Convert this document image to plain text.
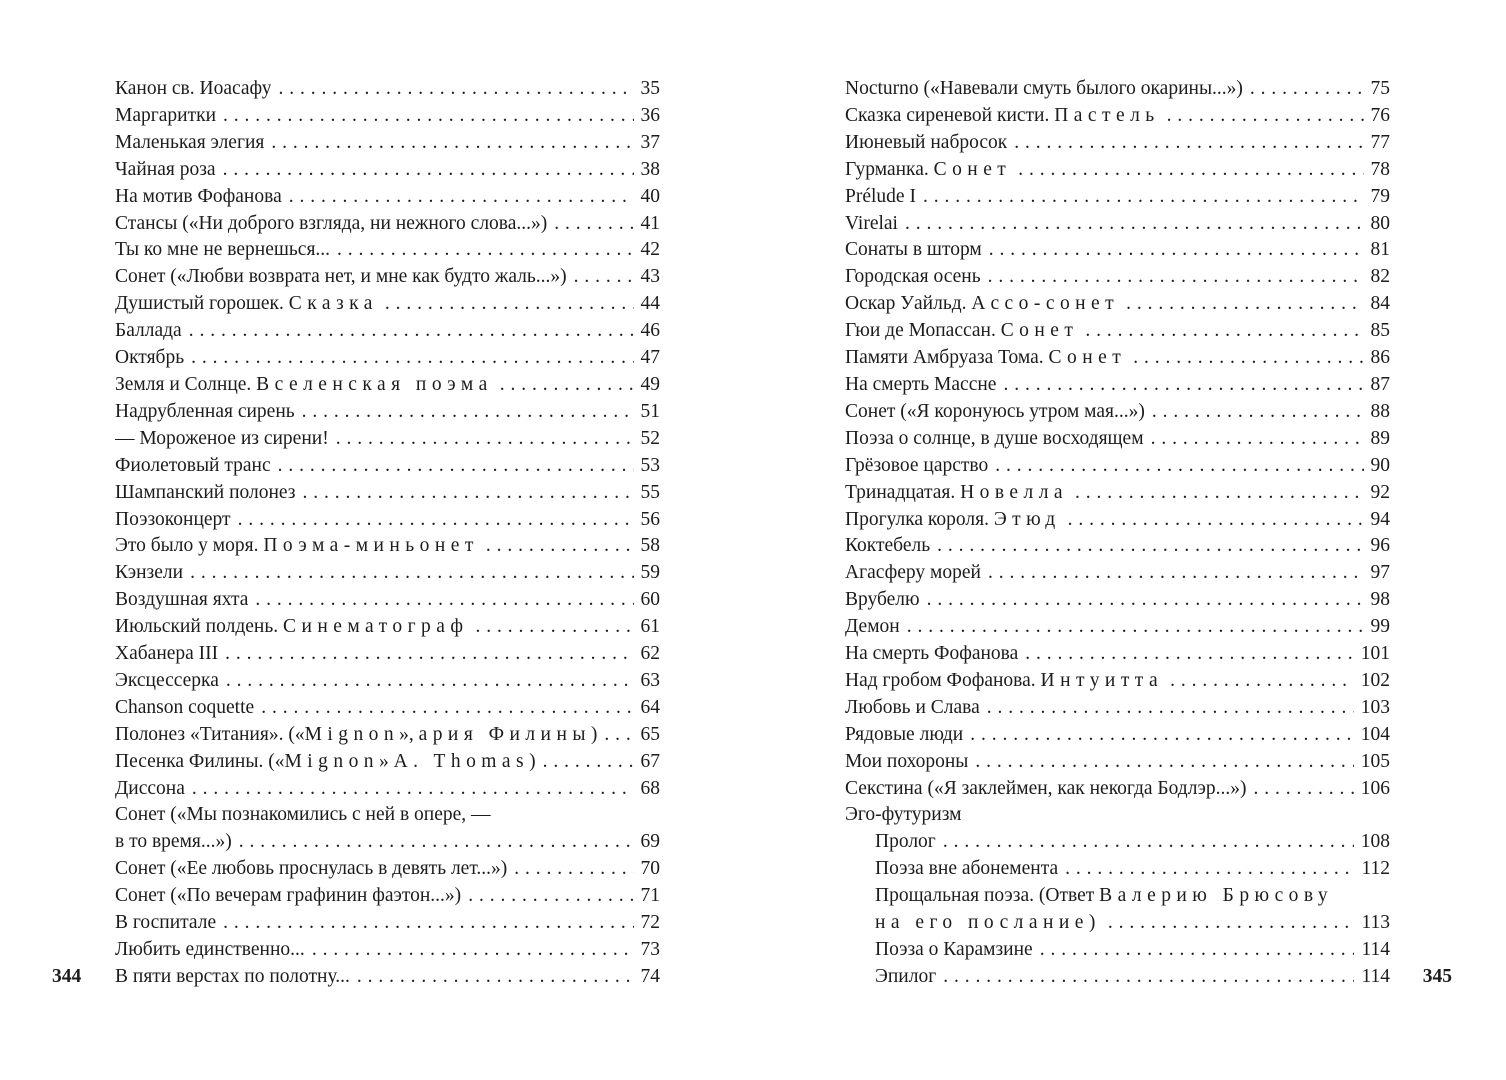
Канон св. Иоасафу . . .	35
Маргаритки . . .	36
Маленькая элегия . . .	37
Чайная роза . . .	38
На мотив Фофанова . . .	40
Стансы («Ни доброго взгляда, ни нежного слова...») . . .	41
Ты ко мне не вернешься... . . .	42
Сонет («Любви возврата нет, и мне как будто жаль...») . . .	43
Душистый горошек. Сказка . . .	44
Баллада . . .	46
Октябрь . . .	47
Земля и Солнце. Вселенская поэма . . .	49
Надрубленная сирень . . .	51
— Мороженое из сирени! . . .	52
Фиолетовый транс . . .	53
Шампанский полонез . . .	55
Поэзоконцерт . . .	56
Это было у моря. Поэма-миньонет . . .	58
Кэнзели . . .	59
Воздушная яхта . . .	60
Июльский полдень. Синематограф . . .	61
Хабанера III . . .	62
Эксцессерка . . .	63
Chanson coquette . . .	64
Полонез «Титания». («Mignon», ария Филины) . . . 65
Песенка Филины. («Mignon» A. Thomas) . . .	67
Диссона . . .	68
Сонет («Мы познакомились с ней в опере, —
в то время...») . . .	69
Сонет («Ее любовь проснулась в девять лет...») . . .	70
Сонет («По вечерам графинин фаэтон...») . . .	71
В госпитале . . .	72
Любить единственно... . . .	73
В пяти верстах по полотну... . . .	74
344
Nocturno («Навевали смуть былого окарины...») . . .	75
Сказка сиреневой кисти. Пастель . . .	76
Июневый набросок . . .	77
Гурманка. Сонет . . .	78
Prélude I . . .	79
Virelai . . .	80
Сонаты в шторм . . .	81
Городская осень . . .	82
Оскар Уайльд. Ассо-сонет . . .	84
Гюи де Мопассан. Сонет . . .	85
Памяти Амбруаза Тома. Сонет . . .	86
На смерть Массне . . .	87
Сонет («Я коронуюсь утром мая...») . . .	88
Поэза о солнце, в душе восходящем . . .	89
Грёзовое царство . . .	90
Тринадцатая. Новелла . . .	92
Прогулка короля. Этюд . . .	94
Коктебель . . .	96
Агасферу морей . . .	97
Врубелю . . .	98
Демон . . .	99
На смерть Фофанова . . .	101
Над гробом Фофанова. Интуитта . . .	102
Любовь и Слава . . .	103
Рядовые люди . . .	104
Мои похороны . . .	105
Секстина («Я заклеймен, как некогда Бодлэр...») . . .	106
Эго-футуризм
Пролог . . .	108
Поэза вне абонемента . . .	112
Прощальная поэза. (Ответ Валерию Брюсову
на его послание) . . .	113
Поэза о Карамзине . . .	114
Эпилог . . .	114 345
